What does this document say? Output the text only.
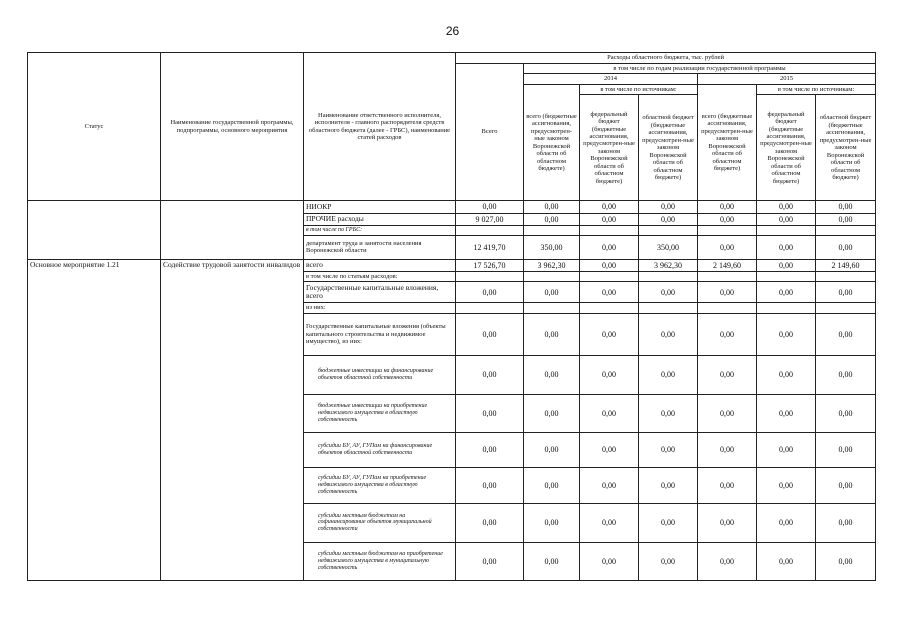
26
Статус	Наименование государственной программы, подпрограммы, основного мероприятия	Наименование ответственного исполнителя, исполнителя - главного распорядителя средств областного бюджета (далее - ГРБС), наименование статей расходов	Расходы областного бюджета, тыс. рублей						
			Всего	в том числе по годам реализации государственной программы					
				2014			2015		
				всего (бюджетные ассигнования, предусмотрен-ные законом Воронежской области об областном бюджете)	в том числе по источникам:		всего (бюджетные ассигнования, предусмотрен-ные законом Воронежской области об областном бюджете)	в том числе по источникам:	
					федеральный бюджет (бюджетные ассигнования, предусмотрен-ные законом Воронежской области об областном бюджете)	областной бюджет (бюджетные ассигнования, предусмотрен-ные законом Воронежской области об областном бюджете)		федеральный бюджет (бюджетные ассигнования, предусмотрен-ные законом Воронежской области об областном бюджете)	областной бюджет (бюджетные ассигнования, предусмотрен-ные законом Воронежской области об областном бюджете)
		НИОКР	0,00	0,00	0,00	0,00	0,00	0,00	0,00
		ПРОЧИЕ расходы	9 027,00	0,00	0,00	0,00	0,00	0,00	0,00
		в том числе по ГРБС:							
		департамент труда и занятости населения Воронежской области	12 419,70	350,00	0,00	350,00	0,00	0,00	0,00
Основное мероприятие 1.21	Содействие трудовой занятости инвалидов	всего	17 526,70	3 962,30	0,00	3 962,30	2 149,60	0,00	2 149,60
		в том числе по статьям расходов:							
		Государственные капитальные вложения, всего	0,00	0,00	0,00	0,00	0,00	0,00	0,00
		из них:							
		Государственные капитальные вложения (объекты капитального строительства и недвижимое имущество), из них:	0,00	0,00	0,00	0,00	0,00	0,00	0,00
		бюджетные инвестиции на финансирование объектов областной собственности	0,00	0,00	0,00	0,00	0,00	0,00	0,00
		бюджетные инвестиции на приобретение недвижимого имущества в областную собственность	0,00	0,00	0,00	0,00	0,00	0,00	0,00
		субсидии БУ, АУ, ГУПам на финансирование объектов областной собственности	0,00	0,00	0,00	0,00	0,00	0,00	0,00
		субсидии БУ, АУ, ГУПам на приобретение недвижимого имущества в областную собственность	0,00	0,00	0,00	0,00	0,00	0,00	0,00
		субсидии местным бюджетам на софинансирование объектов муниципальной собственности	0,00	0,00	0,00	0,00	0,00	0,00	0,00
		субсидии местным бюджетам на приобретение недвижимого имущества в муниципальную собственность	0,00	0,00	0,00	0,00	0,00	0,00	0,00
